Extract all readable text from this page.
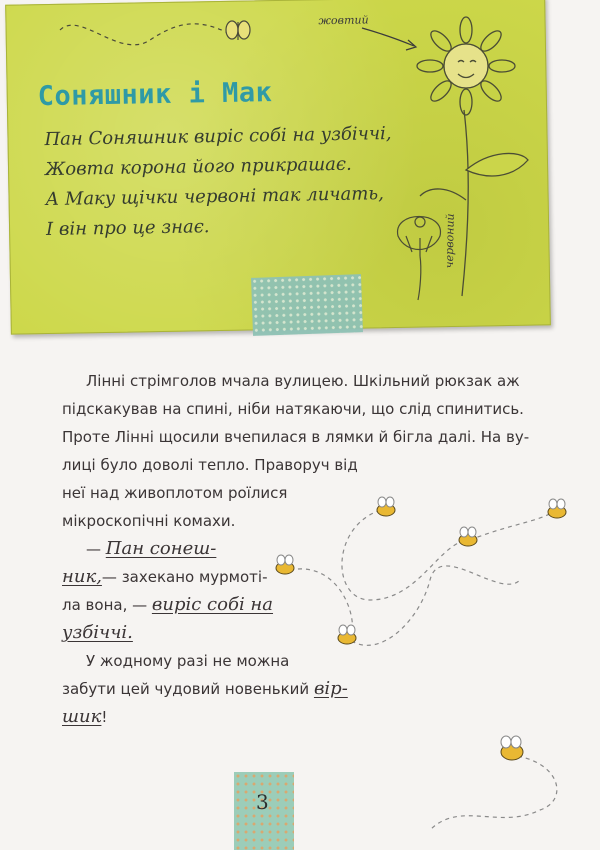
Соняшник і Мак
Пан Соняшник виріс собі на узбіччі,
Жовта корона його прикрашає.
А Маку щічки червоні так личать,
І він про це знає.
жовтий
червоний
Лінні стрімголов мчала вулицею. Шкільний рюкзак аж
підскакував на спині, ніби натякаючи, що слід спинитись.
Проте Лінні щосили вчепилася в лямки й бігла далі. На ву-
лиці було доволі тепло. Праворуч від
неї над живоплотом роїлися
мікроскопічні комахи.
— Пан сонеш-
ник,— захекано мурмоті-
ла вона, — виріс собі на
узбіччі.
У жодному разі не можна
забути цей чудовий новенький вір-
шик!
3
